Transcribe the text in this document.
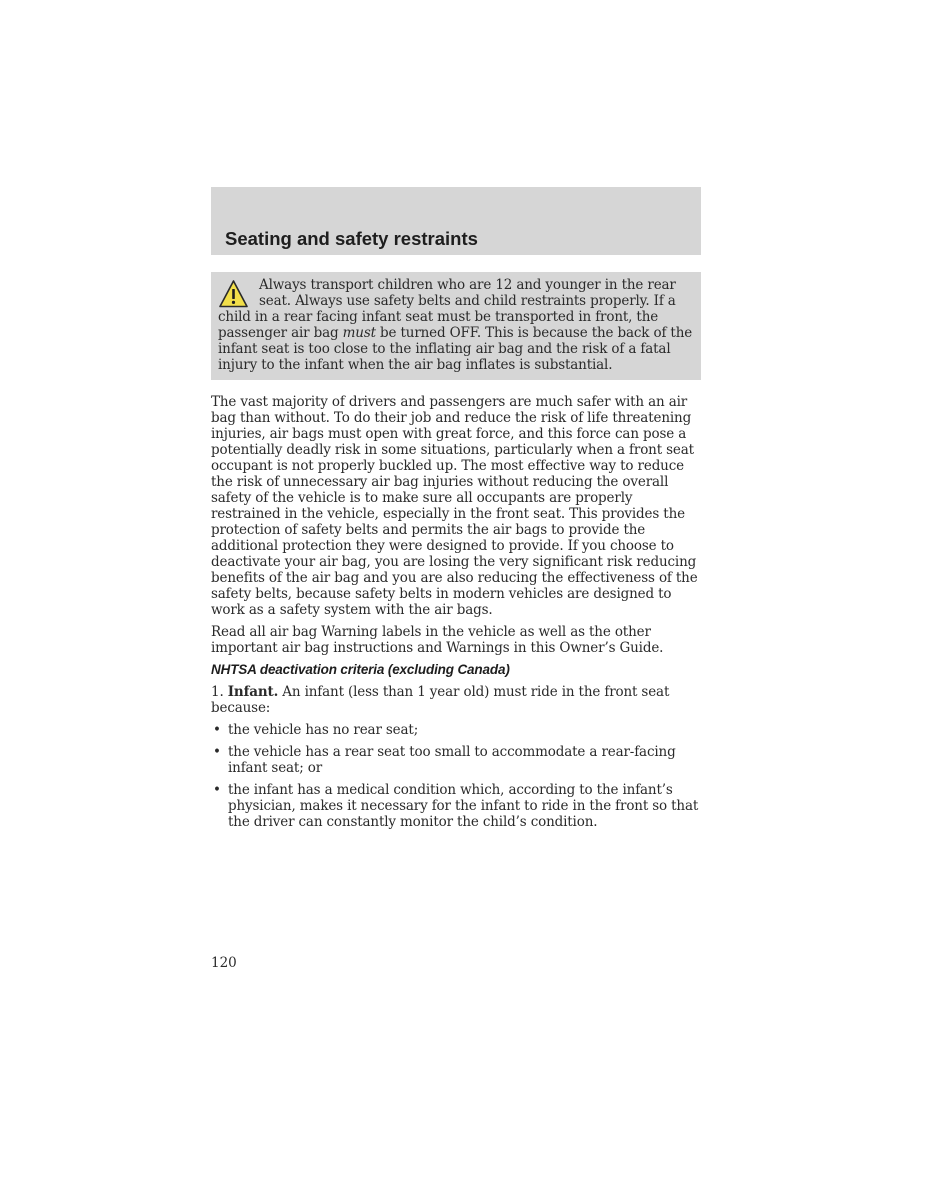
Seating and safety restraints

Always transport children who are 12 and younger in the rear seat. Always use safety belts and child restraints properly. If a child in a rear facing infant seat must be transported in front, the passenger air bag must be turned OFF. This is because the back of the infant seat is too close to the inflating air bag and the risk of a fatal injury to the infant when the air bag inflates is substantial.

The vast majority of drivers and passengers are much safer with an air bag than without. To do their job and reduce the risk of life threatening injuries, air bags must open with great force, and this force can pose a potentially deadly risk in some situations, particularly when a front seat occupant is not properly buckled up. The most effective way to reduce the risk of unnecessary air bag injuries without reducing the overall safety of the vehicle is to make sure all occupants are properly restrained in the vehicle, especially in the front seat. This provides the protection of safety belts and permits the air bags to provide the additional protection they were designed to provide. If you choose to deactivate your air bag, you are losing the very significant risk reducing benefits of the air bag and you are also reducing the effectiveness of the safety belts, because safety belts in modern vehicles are designed to work as a safety system with the air bags.

Read all air bag Warning labels in the vehicle as well as the other important air bag instructions and Warnings in this Owner’s Guide.

NHTSA deactivation criteria (excluding Canada)

1. Infant. An infant (less than 1 year old) must ride in the front seat because:

• the vehicle has no rear seat;
• the vehicle has a rear seat too small to accommodate a rear-facing infant seat; or
• the infant has a medical condition which, according to the infant’s physician, makes it necessary for the infant to ride in the front so that the driver can constantly monitor the child’s condition.

120
